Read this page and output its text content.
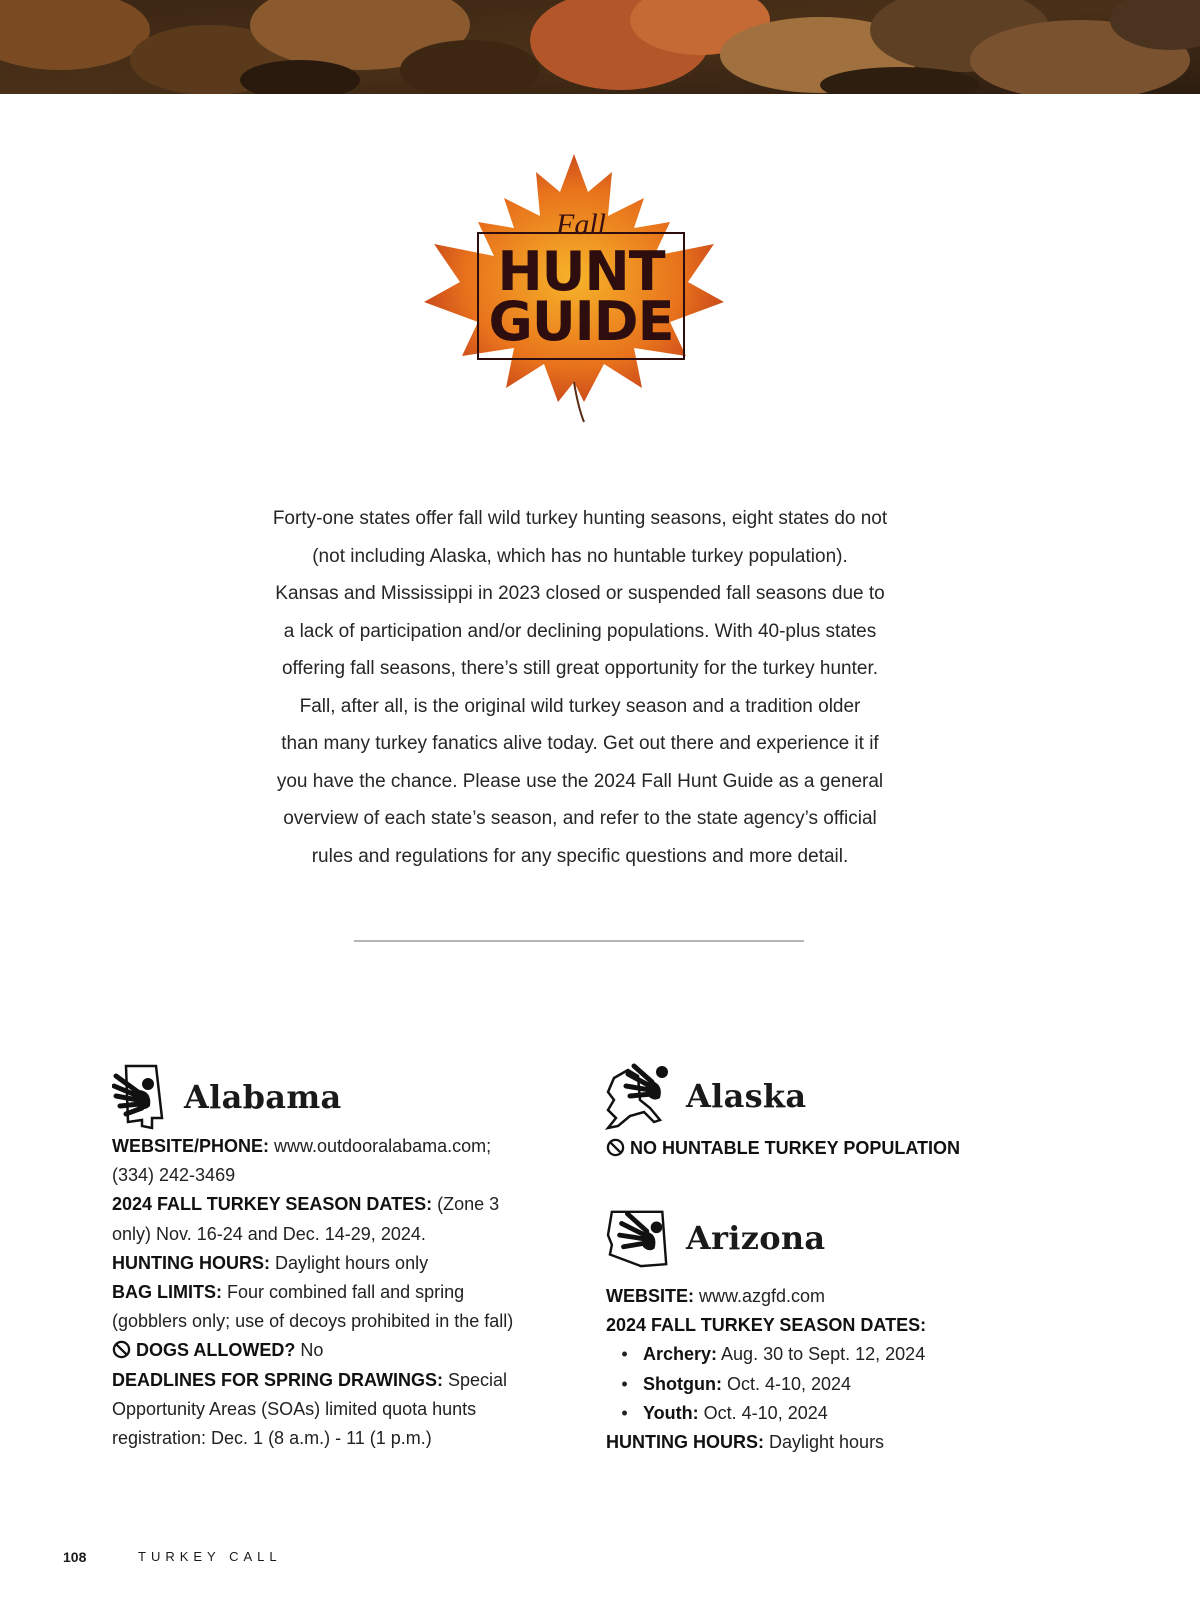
Fall
HUNT
GUIDE
Forty-one states offer fall wild turkey hunting seasons, eight states do not
(not including Alaska, which has no huntable turkey population).
Kansas and Mississippi in 2023 closed or suspended fall seasons due to
a lack of participation and/or declining populations. With 40-plus states
offering fall seasons, there’s still great opportunity for the turkey hunter.
Fall, after all, is the original wild turkey season and a tradition older
than many turkey fanatics alive today. Get out there and experience it if
you have the chance. Please use the 2024 Fall Hunt Guide as a general
overview of each state’s season, and refer to the state agency’s official
rules and regulations for any specific questions and more detail.
Alabama
WEBSITE/PHONE: www.outdooralabama.com;
(334) 242-3469
2024 FALL TURKEY SEASON DATES: (Zone 3
only) Nov. 16-24 and Dec. 14-29, 2024.
HUNTING HOURS: Daylight hours only
BAG LIMITS: Four combined fall and spring
(gobblers only; use of decoys prohibited in the fall)
DOGS ALLOWED? No
DEADLINES FOR SPRING DRAWINGS: Special
Opportunity Areas (SOAs) limited quota hunts
registration: Dec. 1 (8 a.m.) - 11 (1 p.m.)
Alaska
NO HUNTABLE TURKEY POPULATION
Arizona
WEBSITE: www.azgfd.com
2024 FALL TURKEY SEASON DATES:
• Archery: Aug. 30 to Sept. 12, 2024
• Shotgun: Oct. 4-10, 2024
• Youth: Oct. 4-10, 2024
HUNTING HOURS: Daylight hours
108	TURKEY CALL
